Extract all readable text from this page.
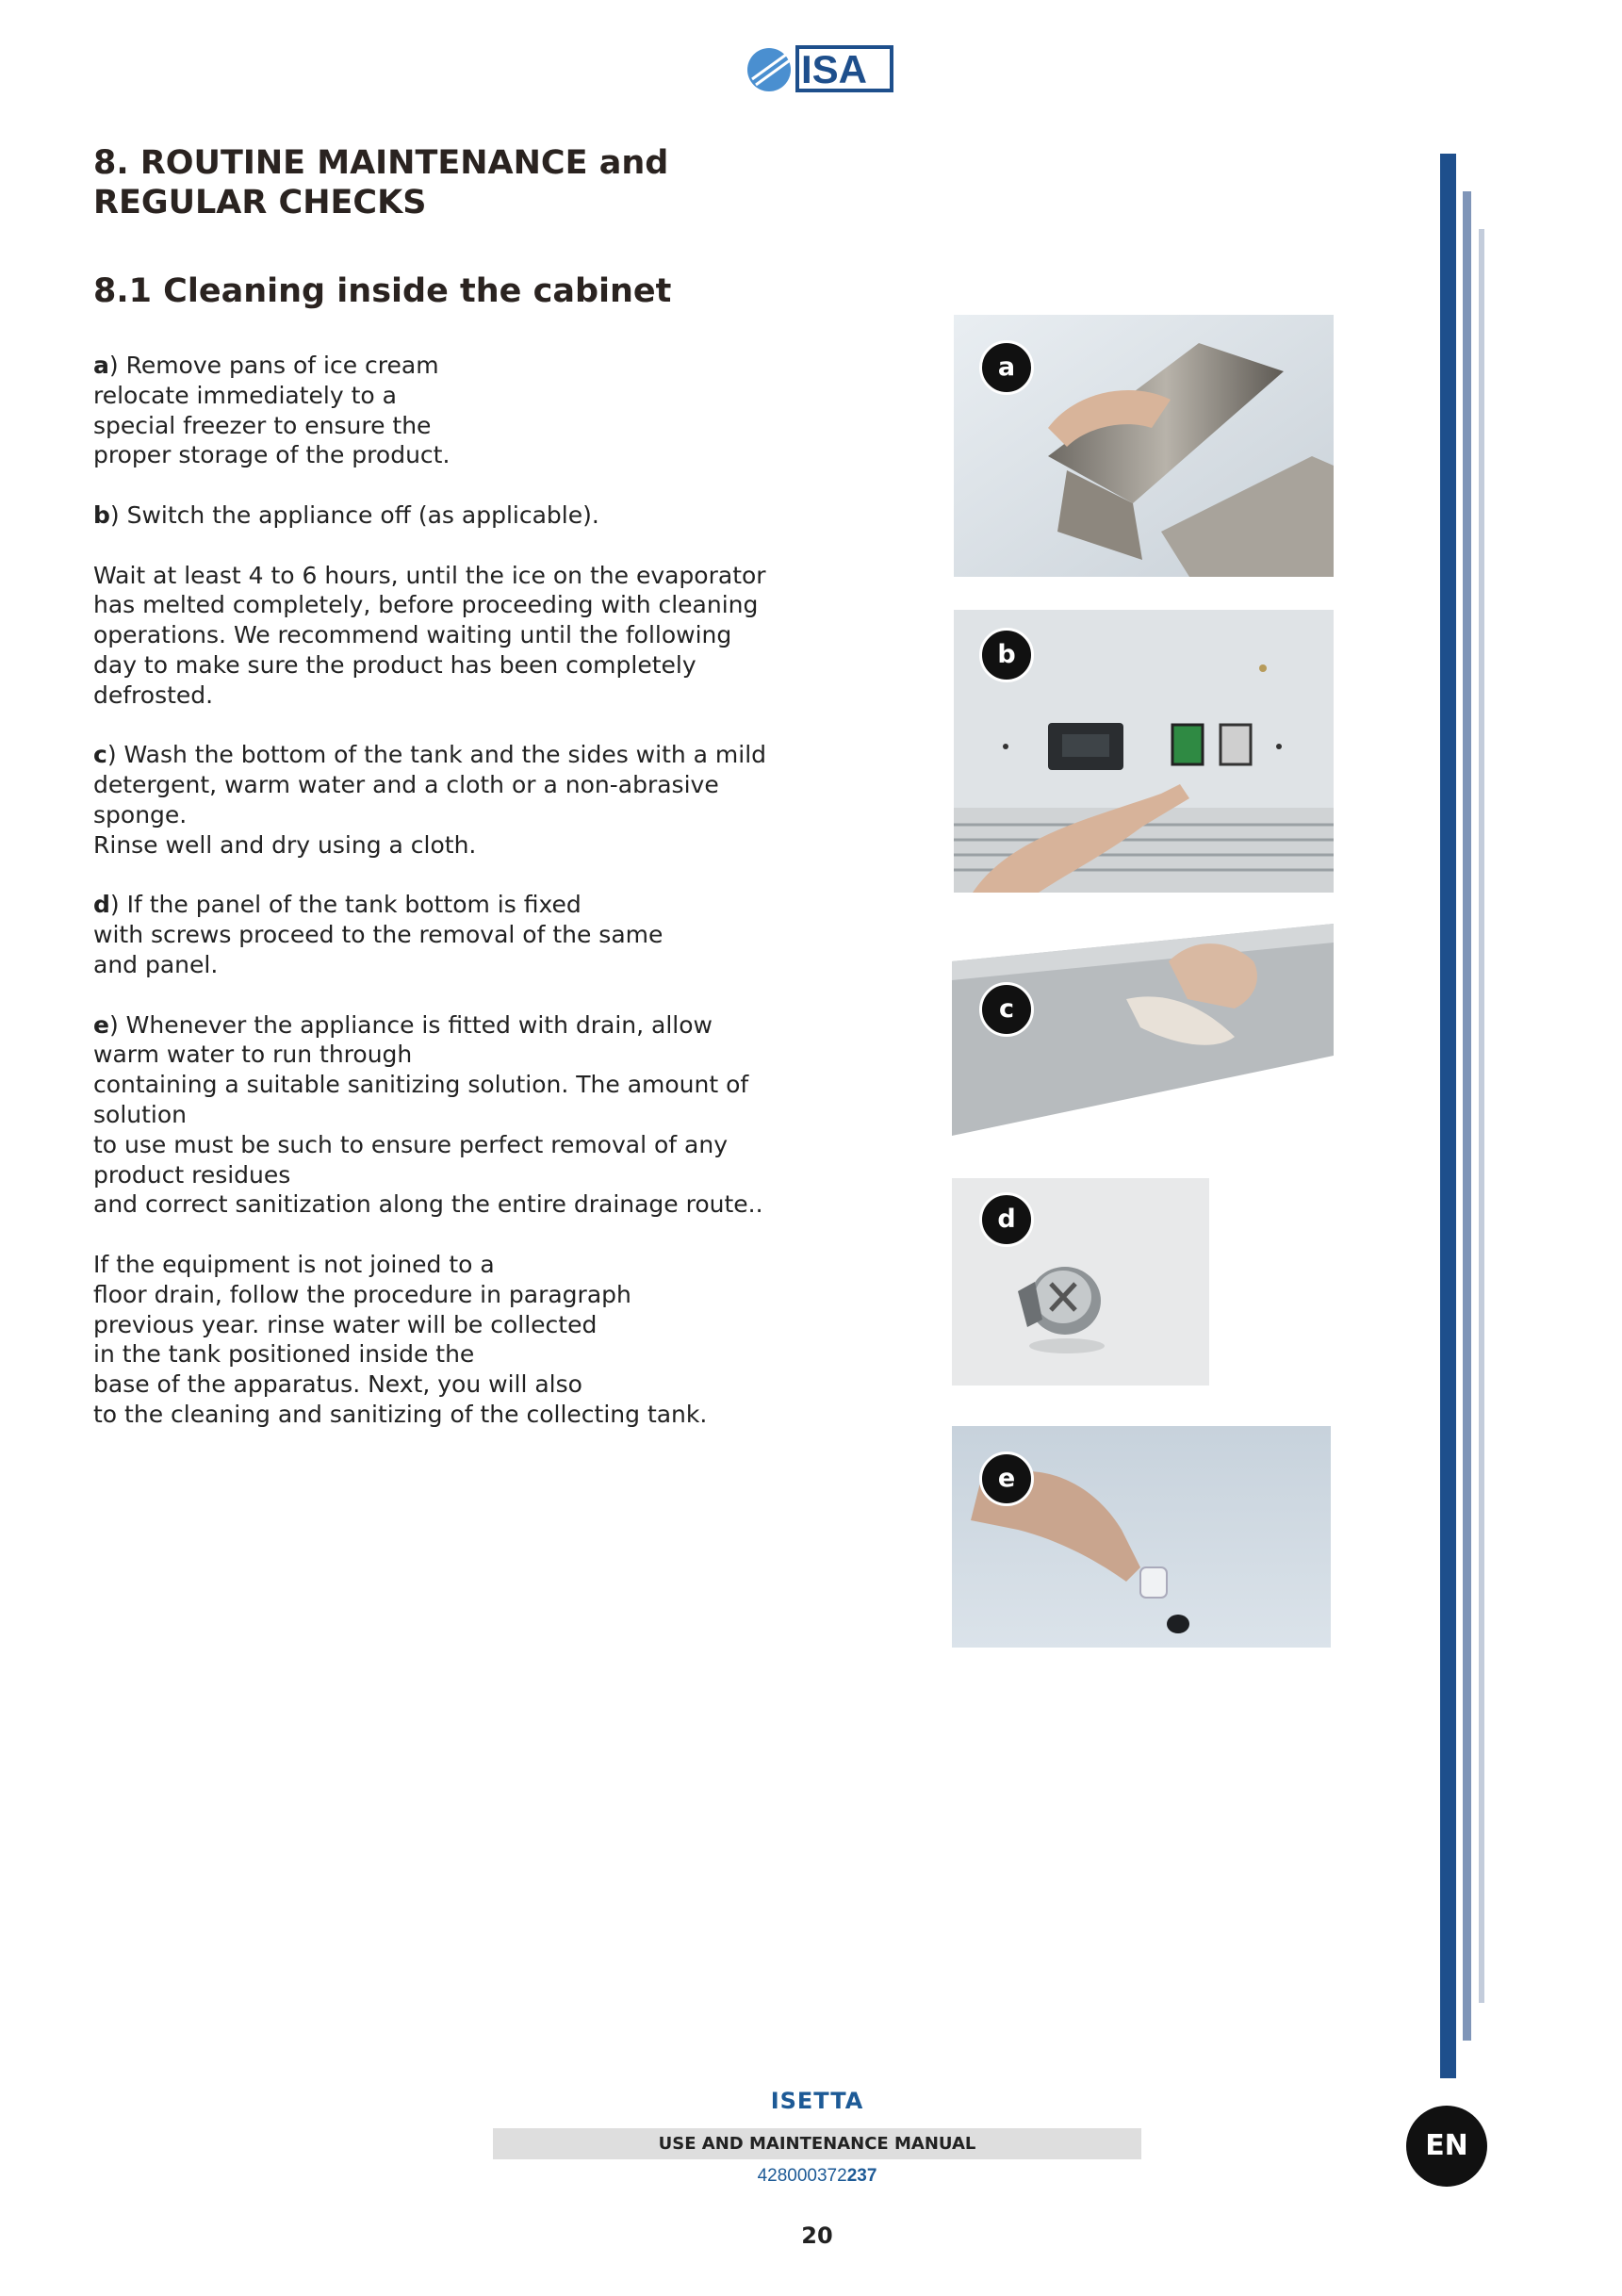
ISA
8. ROUTINE MAINTENANCE and
REGULAR CHECKS
8.1 Cleaning inside the cabinet

a) Remove pans of ice cream
relocate immediately to a
special freezer to ensure the
proper storage of the product.

b) Switch the appliance off (as applicable).

Wait at least 4 to 6 hours, until the ice on the evaporator
has melted completely, before proceeding with cleaning
operations. We recommend waiting until the following
day to make sure the product has been completely
defrosted.

c) Wash the bottom of the tank and the sides with a mild
detergent, warm water and a cloth or a non-abrasive
sponge.
Rinse well and dry using a cloth.

d) If the panel of the tank bottom is fixed
with screws proceed to the removal of the same
and panel.

e) Whenever the appliance is fitted with drain, allow
warm water to run through
containing a suitable sanitizing solution. The amount of
solution
to use must be such to ensure perfect removal of any
product residues
and correct sanitization along the entire drainage route..

If the equipment is not joined to a
floor drain, follow the procedure in paragraph
previous year. rinse water will be collected
in the tank positioned inside the
base of the apparatus. Next, you will also
to the cleaning and sanitizing of the collecting tank.

a
b
c
d
e
ISETTA
USE AND MAINTENANCE MANUAL
428000372237
20
EN
